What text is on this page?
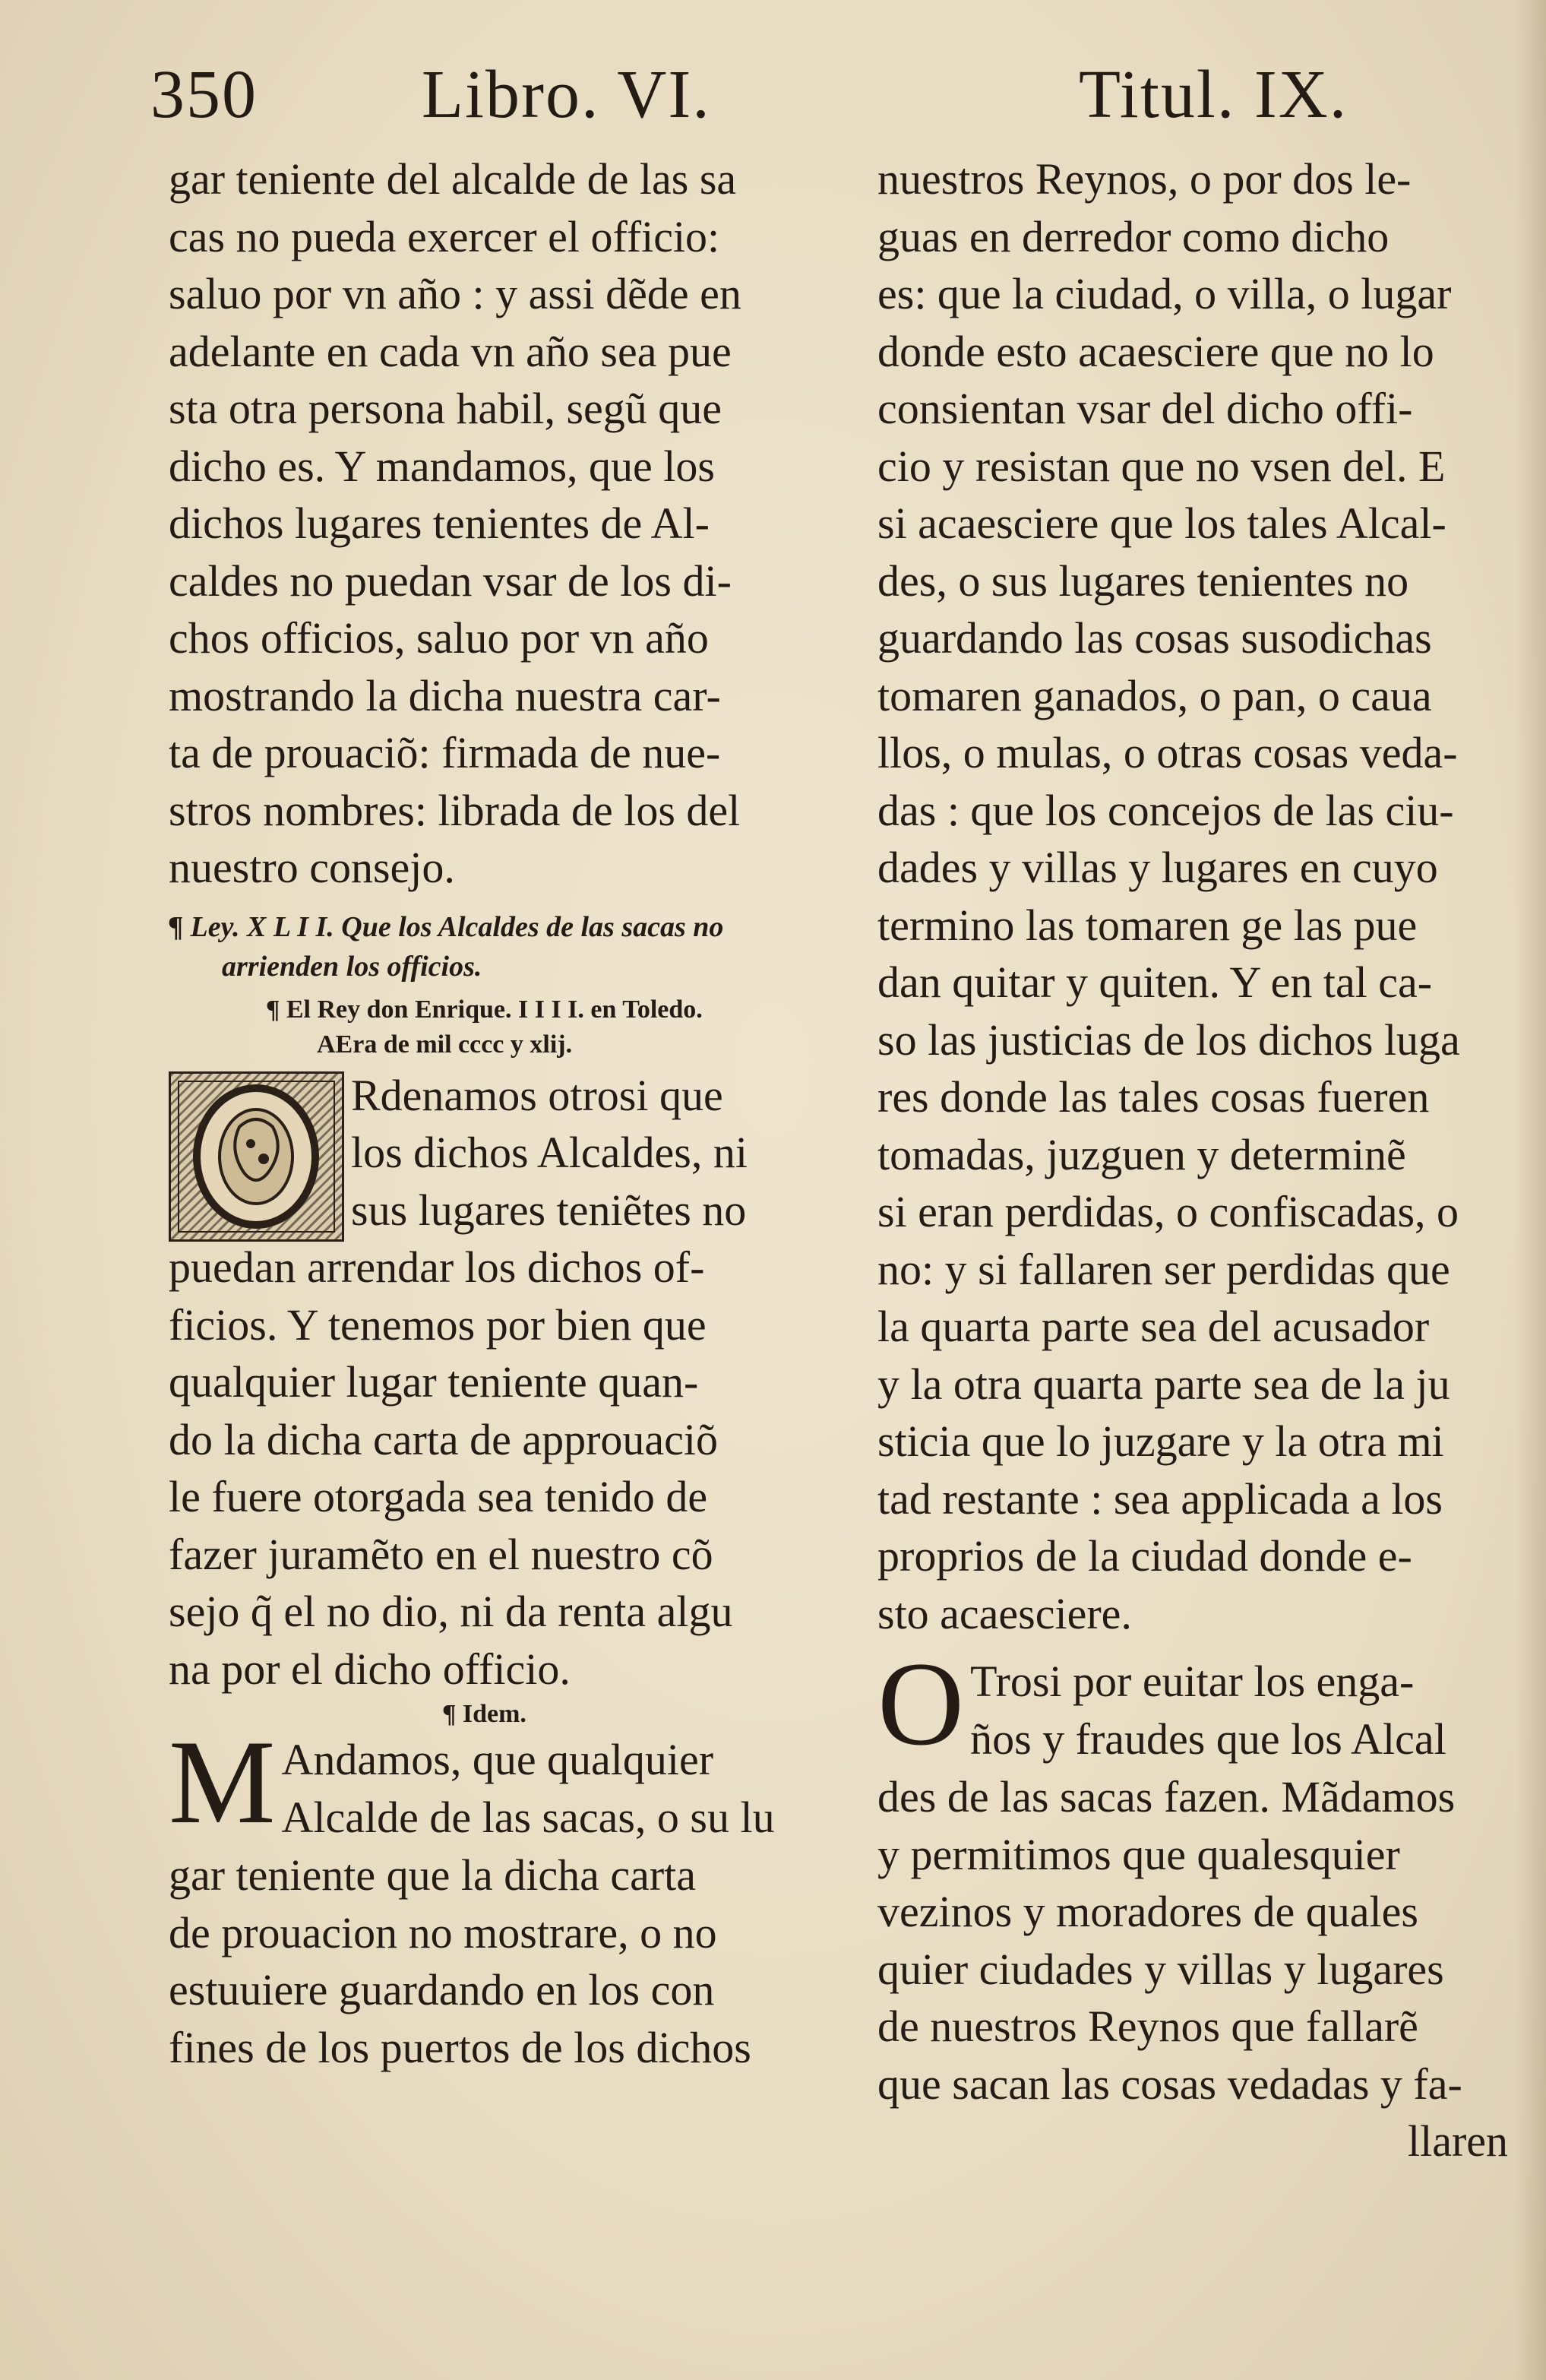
350 Libro. VI.	Titul. IX.
gar teniente del alcalde de las sa
cas no pueda exercer el officio:
saluo por vn año : y assi dẽde en
adelante en cada vn año sea pue
sta otra persona habil, segũ que
dicho es. Y mandamos, que los
dichos lugares tenientes de Al-
caldes no puedan vsar de los di-
chos officios, saluo por vn año
mostrando la dicha nuestra car-
ta de prouaciõ: firmada de nue-
stros nombres: librada de los del
nuestro consejo.
¶ Ley. X L I I. Que los Alcaldes de las sacas no
arrienden los officios.
¶ El Rey don Enrique. I I I I. en Toledo.
AEra de mil cccc y xlij.
Rdenamos otrosi que
los dichos Alcaldes, ni
sus lugares teniẽtes no
puedan arrendar los dichos of-
ficios. Y tenemos por bien que
qualquier lugar teniente quan-
do la dicha carta de approuaciõ
le fuere otorgada sea tenido de
fazer juramẽto en el nuestro cõ
sejo q̃ el no dio, ni da renta algu
na por el dicho officio.
¶ Idem.
M Andamos, que qualquier
Alcalde de las sacas, o su lu
gar teniente que la dicha carta
de prouacion no mostrare, o no
estuuiere guardando en los con
fines de los puertos de los dichos
nuestros Reynos, o por dos le-
guas en derredor como dicho
es: que la ciudad, o villa, o lugar
donde esto acaesciere que no lo
consientan vsar del dicho offi-
cio y resistan que no vsen del. E
si acaesciere que los tales Alcal-
des, o sus lugares tenientes no
guardando las cosas susodichas
tomaren ganados, o pan, o caua
llos, o mulas, o otras cosas veda-
das : que los concejos de las ciu-
dades y villas y lugares en cuyo
termino las tomaren ge las pue
dan quitar y quiten. Y en tal ca-
so las justicias de los dichos luga
res donde las tales cosas fueren
tomadas, juzguen y determinẽ
si eran perdidas, o confiscadas, o
no: y si fallaren ser perdidas que
la quarta parte sea del acusador
y la otra quarta parte sea de la ju
sticia que lo juzgare y la otra mi
tad restante : sea applicada a los
proprios de la ciudad donde e-
sto acaesciere.
O Trosi por euitar los enga-
ños y fraudes que los Alcal
des de las sacas fazen. Mãdamos
y permitimos que qualesquier
vezinos y moradores de quales
quier ciudades y villas y lugares
de nuestros Reynos que fallarẽ
que sacan las cosas vedadas y fa-
llaren
